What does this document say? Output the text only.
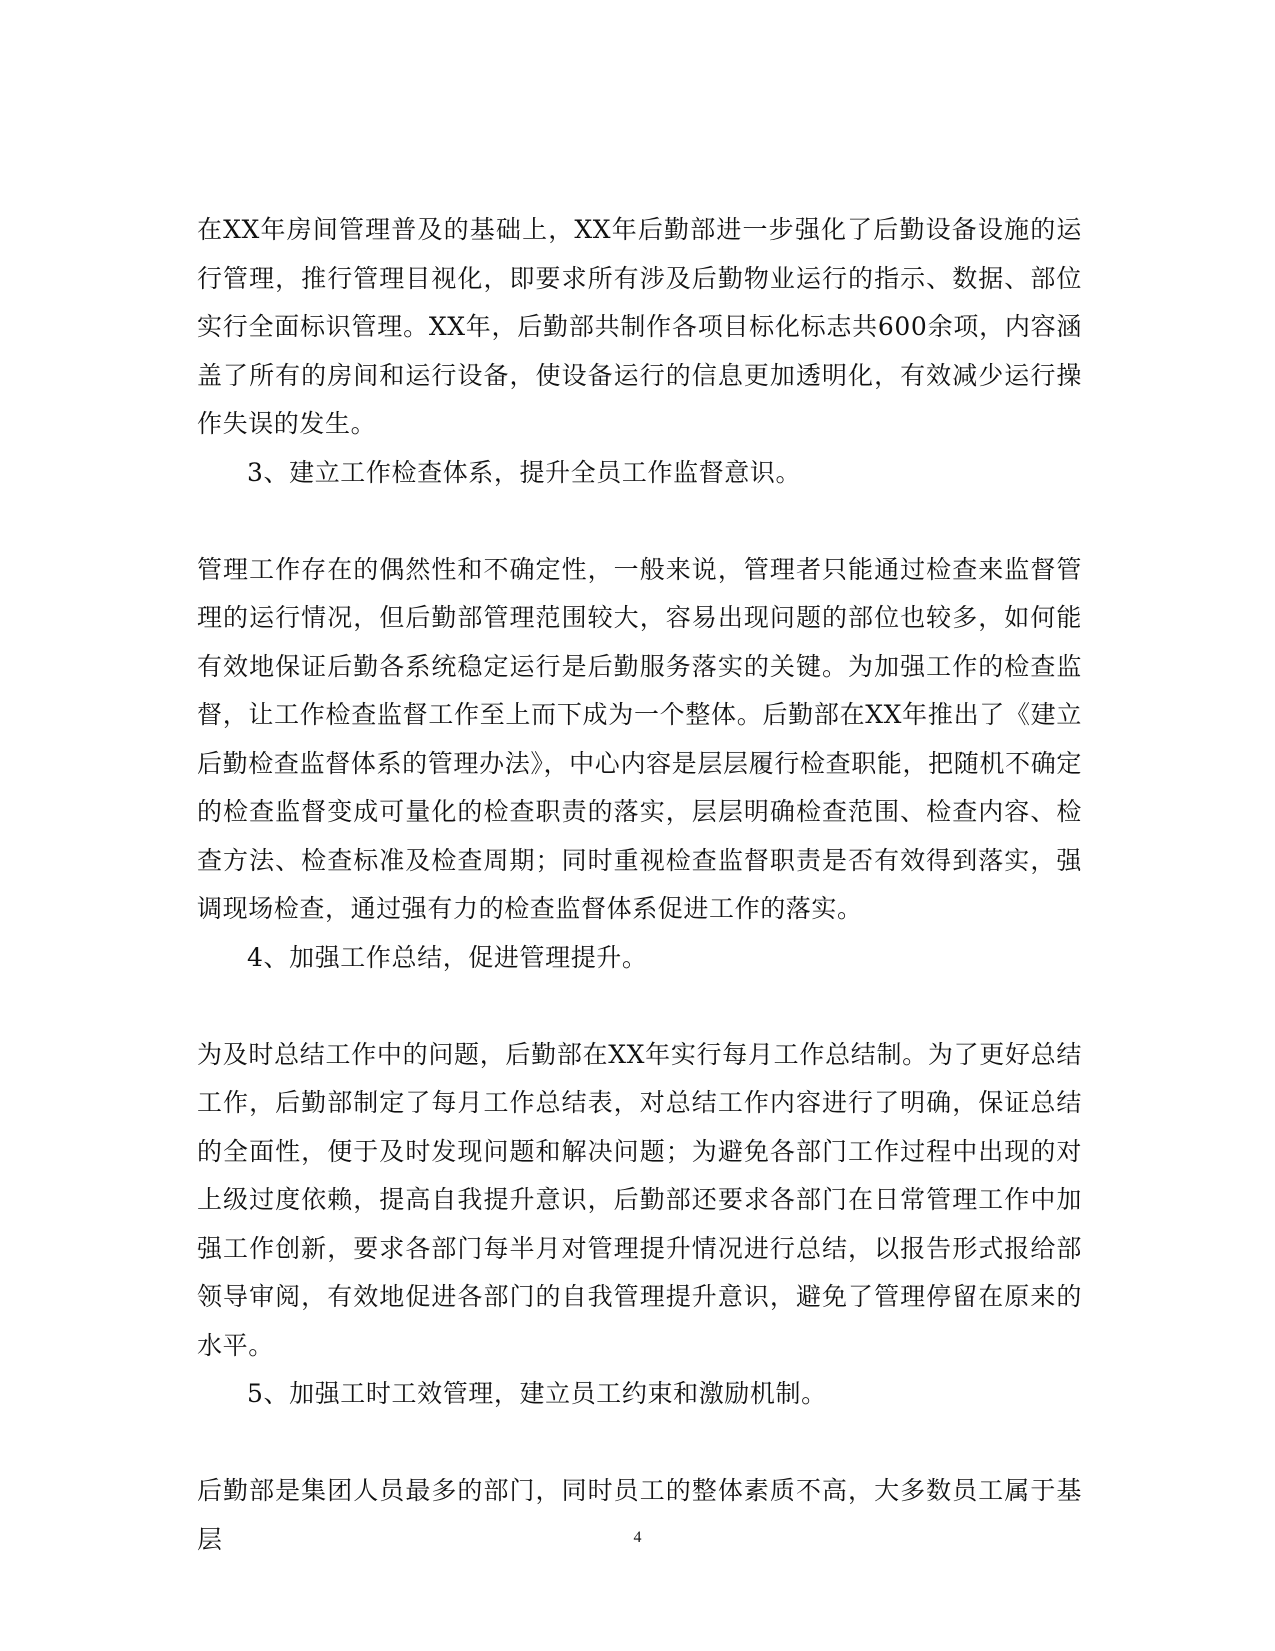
在XX年房间管理普及的基础上，XX年后勤部进一步强化了后勤设备设施的运行管理，推行管理目视化，即要求所有涉及后勤物业运行的指示、数据、部位实行全面标识管理。XX年，后勤部共制作各项目标化标志共600余项，内容涵盖了所有的房间和运行设备，使设备运行的信息更加透明化，有效减少运行操作失误的发生。

3、建立工作检查体系，提升全员工作监督意识。

管理工作存在的偶然性和不确定性，一般来说，管理者只能通过检查来监督管理的运行情况，但后勤部管理范围较大，容易出现问题的部位也较多，如何能有效地保证后勤各系统稳定运行是后勤服务落实的关键。为加强工作的检查监督，让工作检查监督工作至上而下成为一个整体。后勤部在XX年推出了《建立后勤检查监督体系的管理办法》，中心内容是层层履行检查职能，把随机不确定的检查监督变成可量化的检查职责的落实，层层明确检查范围、检查内容、检查方法、检查标准及检查周期；同时重视检查监督职责是否有效得到落实，强调现场检查，通过强有力的检查监督体系促进工作的落实。

4、加强工作总结，促进管理提升。

为及时总结工作中的问题，后勤部在XX年实行每月工作总结制。为了更好总结工作，后勤部制定了每月工作总结表，对总结工作内容进行了明确，保证总结的全面性，便于及时发现问题和解决问题；为避免各部门工作过程中出现的对上级过度依赖，提高自我提升意识，后勤部还要求各部门在日常管理工作中加强工作创新，要求各部门每半月对管理提升情况进行总结，以报告形式报给部领导审阅，有效地促进各部门的自我管理提升意识，避免了管理停留在原来的水平。

5、加强工时工效管理，建立员工约束和激励机制。

后勤部是集团人员最多的部门，同时员工的整体素质不高，大多数员工属于基层	4
